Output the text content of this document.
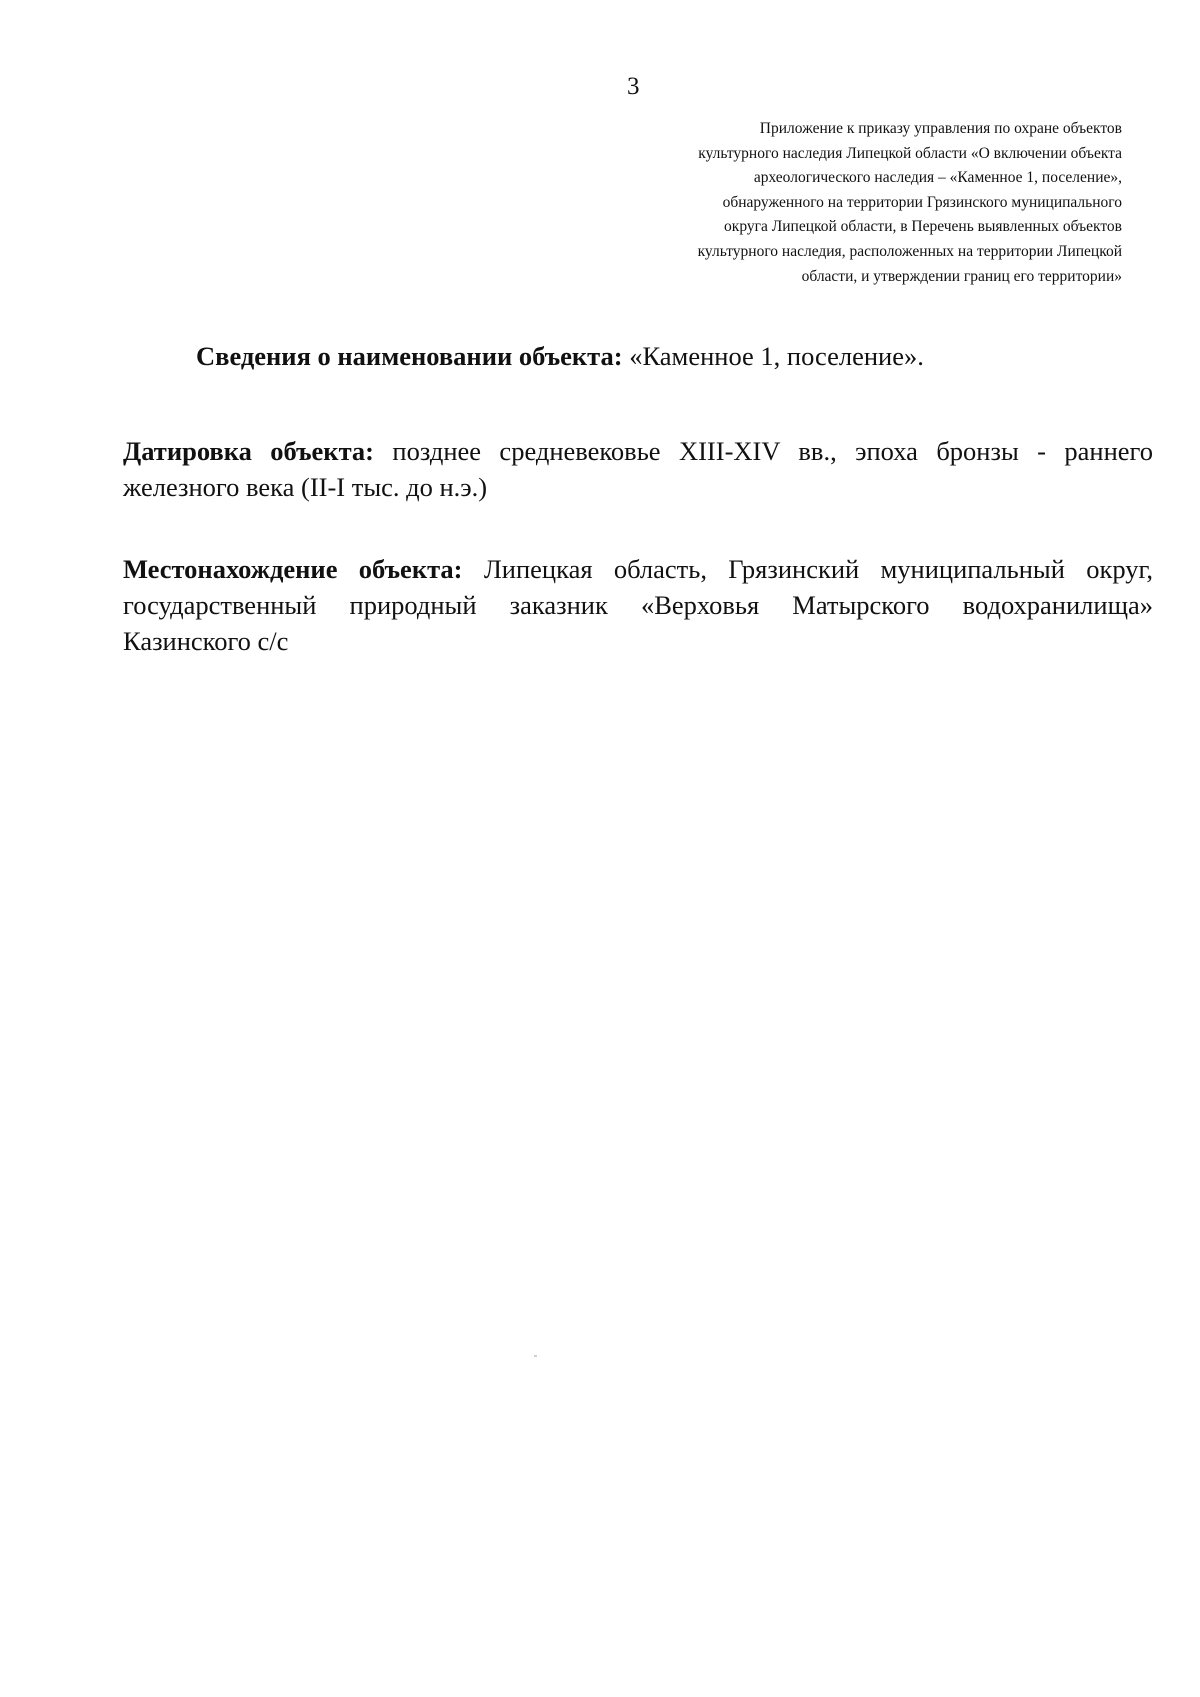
3
Приложение к приказу управления по охране объектов
культурного наследия Липецкой области «О включении объекта
археологического наследия – «Каменное 1, поселение»,
обнаруженного на территории Грязинского муниципального
округа Липецкой области, в Перечень выявленных объектов
культурного наследия, расположенных на территории Липецкой
области, и утверждении границ его территории»
Сведения о наименовании объекта: «Каменное 1, поселение».
Датировка объекта: позднее средневековье XIII-XIV вв., эпоха бронзы - раннего
железного века (II-I тыс. до н.э.)
Местонахождение объекта: Липецкая область, Грязинский муниципальный округ,
государственный природный заказник «Верховья Матырского водохранилища»
Казинского с/с
